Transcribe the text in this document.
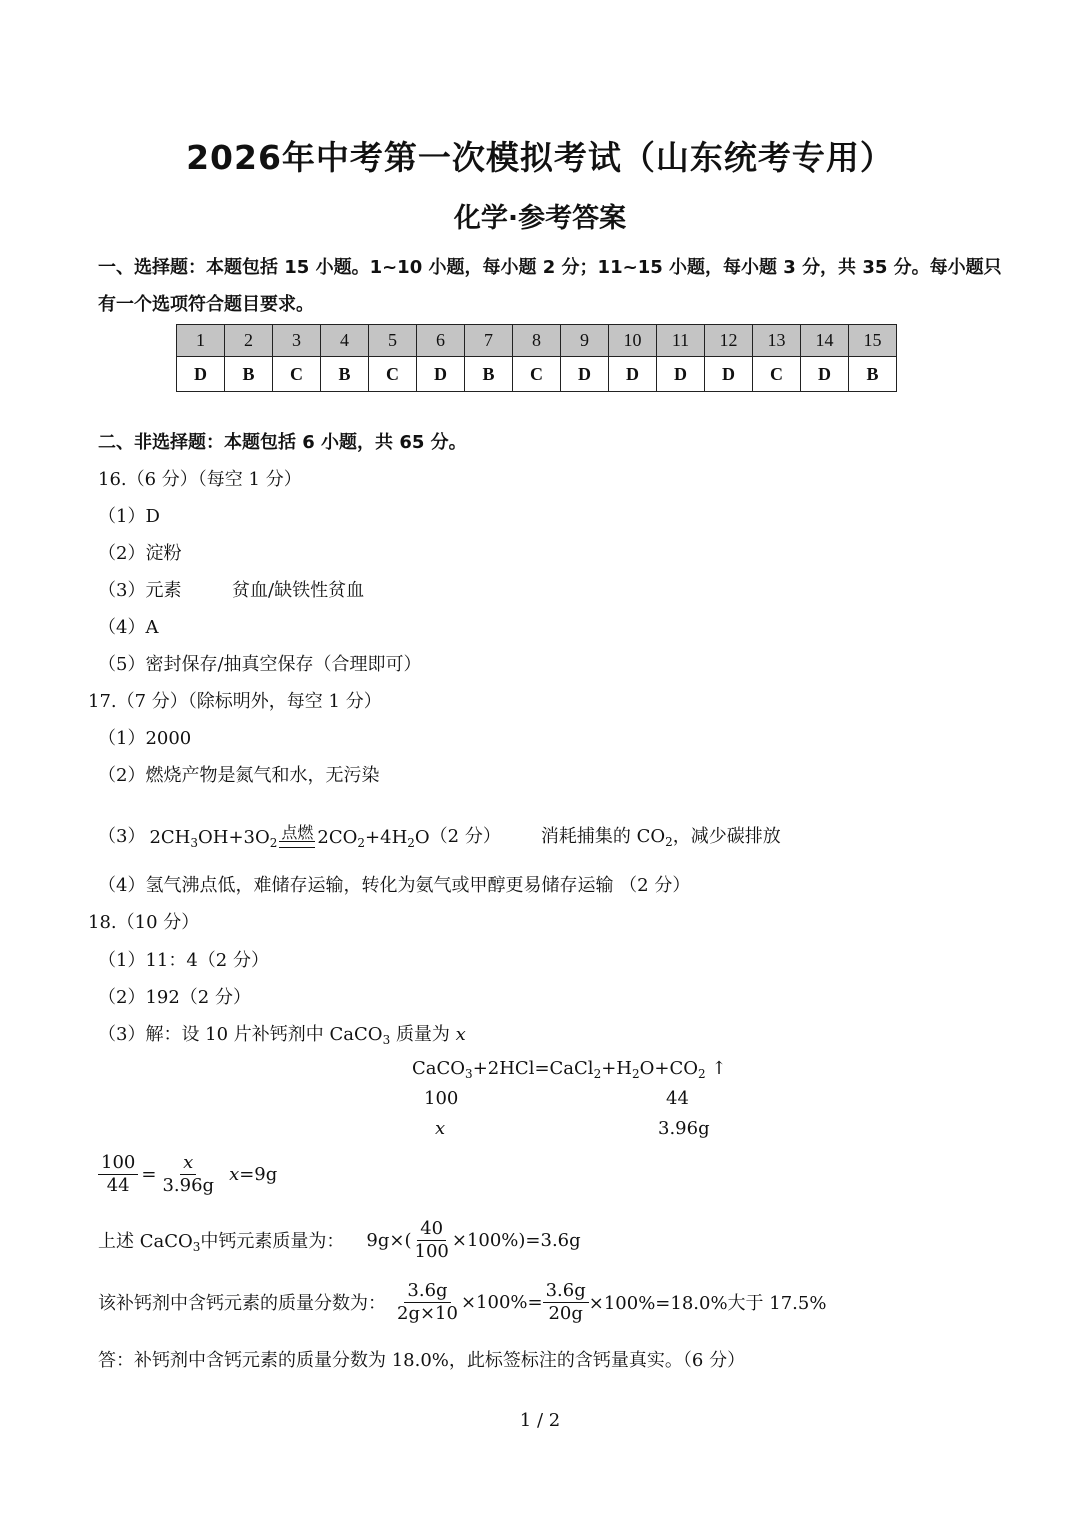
2026年中考第一次模拟考试（山东统考专用）
化学·参考答案
一、选择题：本题包括 15 小题。1~10 小题，每小题 2 分；11~15 小题，每小题 3 分，共 35 分。每小题只
有一个选项符合题目要求。
1	2	3	4	5	6	7	8	9	10	11	12	13	14	15
D	B	C	B	C	D	B	C	D	D	D	D	C	D	B
二、非选择题：本题包括 6 小题，共 65 分。
16.（6 分）（每空 1 分）
（1）D
（2）淀粉
（3）元素	贫血/缺铁性贫血
（4）A
（5）密封保存/抽真空保存（合理即可）
17.（7 分）（除标明外，每空 1 分）
（1）2000
（2）燃烧产物是氮气和水，无污染
（3） $2CH_3OH+3O_2$
点燃 $2CO_2+4H_2O$ （2 分） 消耗捕集的 $CO_2$，减少碳排放
（4）氢气沸点低，难储存运输，转化为氨气或甲醇更易储存运输 （2 分）
18.（10 分）
（1）11：4（2 分）
（2）192（2 分）
（3）解：设 10 片补钙剂中 CaCO$_3$ 质量为 x
$CaCO_3+2HCl=CaCl_2+H_2O+CO_2$ ↑
100	44
x	3.96g
$\frac{100}{44} = \frac{x}{3.96g} x=9g$
上述 CaCO$_3$中钙元素质量为： $9g\times( \frac{40}{100} \times 100\%)=3.6g$
该补钙剂中含钙元素的质量分数为： $\frac{3.6g}{2g\times 10} \times 100\%= \frac{3.6g}{20g} \times 100\%=18.0\%$大于 17.5%
答：补钙剂中含钙元素的质量分数为 18.0%，此标签标注的含钙量真实。（6 分）
1 / 2
